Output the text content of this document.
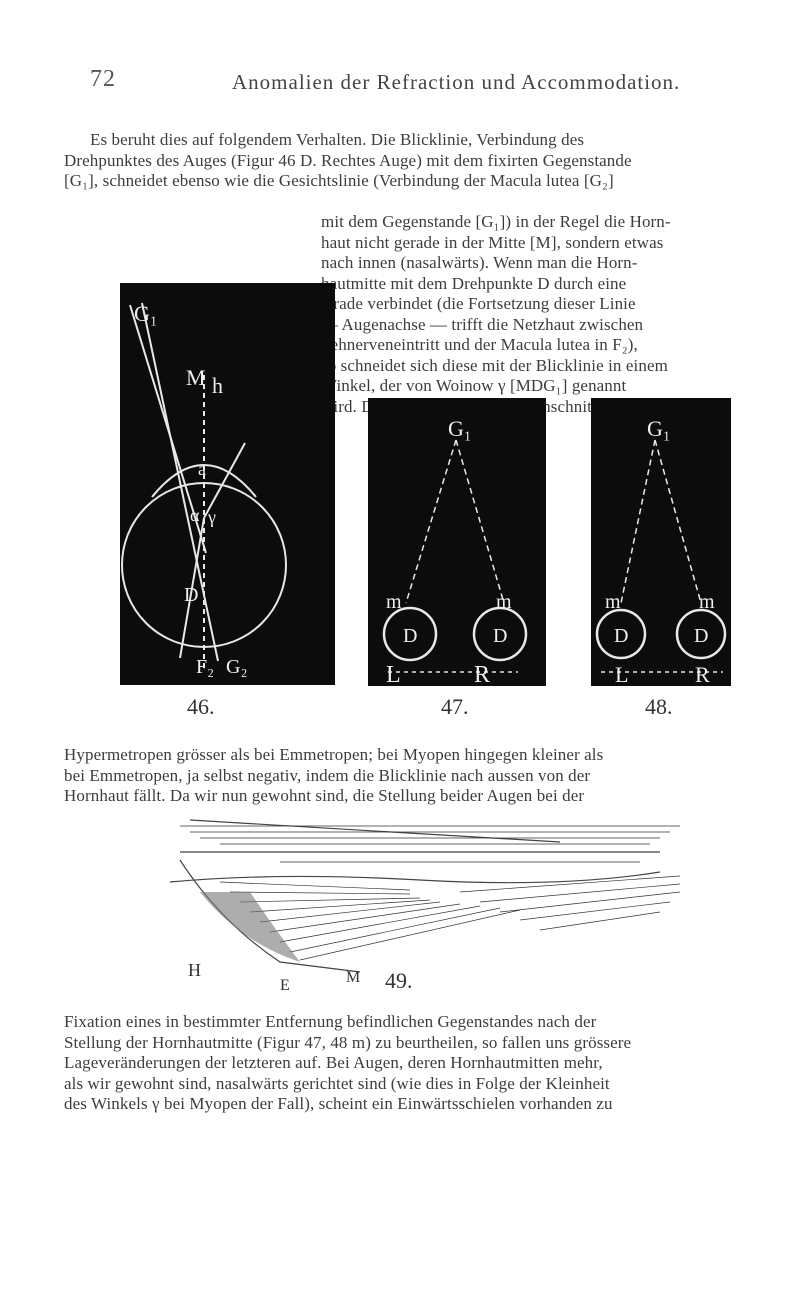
72	Anomalien der Refraction und Accommodation.
Es beruht dies auf folgendem Verhalten. Die Blicklinie, Verbindung des
Drehpunktes des Auges (Figur 46 D. Rechtes Auge) mit dem fixirten Gegenstande
[G₁], schneidet ebenso wie die Gesichtslinie (Verbindung der Macula lutea [G₂]
mit dem Gegenstande [G₁]) in der Regel die Horn-
haut nicht gerade in der Mitte [M], sondern etwas
nach innen (nasalwärts). Wenn man die Horn-
hautmitte mit dem Drehpunkte D durch eine
Grade verbindet (die Fortsetzung dieser Linie
— Augenachse — trifft die Netzhaut zwischen
Sehnerveneintritt und der Macula lutea in F₂),
so schneidet sich diese mit der Blicklinie in einem
Winkel, der von Woinow γ [MDG₁] genannt
wird. Dieser Winkel ist im Durchschnitt bei
G₁
M h
a
α γ
D
F₂ G₂
46.
G₁
m	m
D	D
L	R
47.
G₁
m	m
D	D
L	R
48.
Hypermetropen grösser als bei Emmetropen; bei Myopen hingegen kleiner als
bei Emmetropen, ja selbst negativ, indem die Blicklinie nach aussen von der
Hornhaut fällt. Da wir nun gewohnt sind, die Stellung beider Augen bei der
H
E	M 49.
Fixation eines in bestimmter Entfernung befindlichen Gegenstandes nach der
Stellung der Hornhautmitte (Figur 47, 48 m) zu beurtheilen, so fallen uns grössere
Lageveränderungen der letzteren auf. Bei Augen, deren Hornhautmitten mehr,
als wir gewohnt sind, nasalwärts gerichtet sind (wie dies in Folge der Kleinheit
des Winkels γ bei Myopen der Fall), scheint ein Einwärtsschielen vorhanden zu
